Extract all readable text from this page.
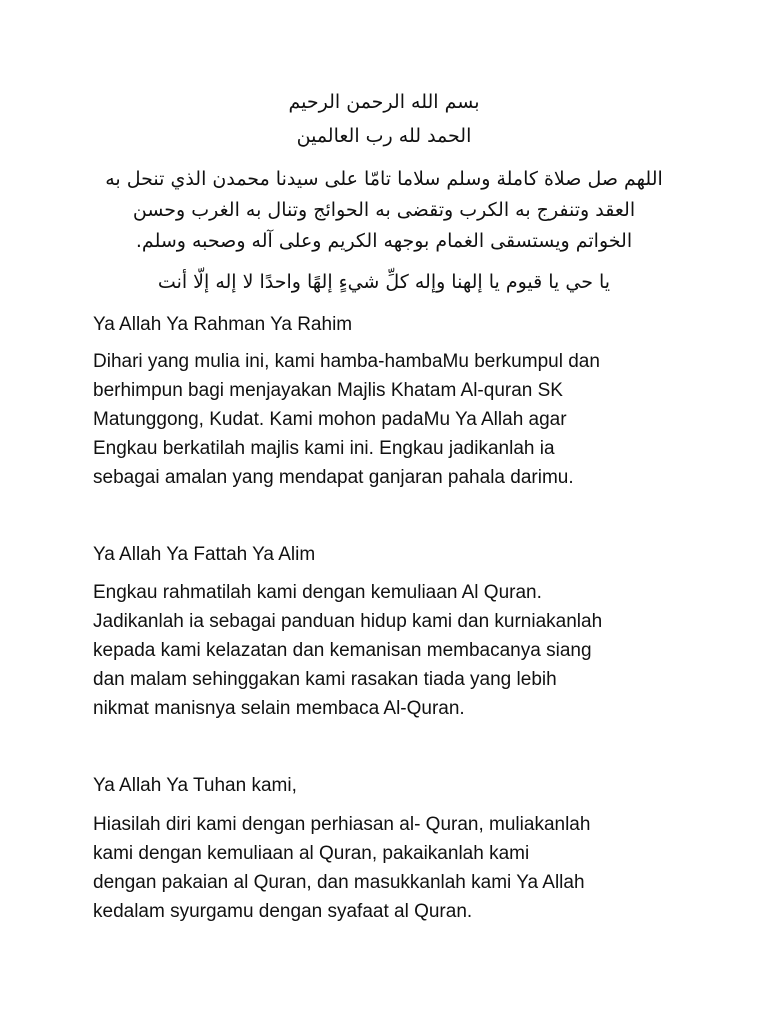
بسم الله الرحمن الرحيم
الحمد لله رب العالمين
اللهم صل صلاة كاملة وسلم سلاما تامّا على سيدنا محمدن الذي تنحل به
العقد وتنفرج به الكرب وتقضى به الحوائج وتنال به الغرب وحسن
الخواتم ويستسقى الغمام بوجهه الكريم وعلى آله وصحبه وسلم.
يا حي يا قيوم يا إلهنا وإله كلِّ شيءٍ إلهًا واحدًا لا إله إلّا أنت

Ya Allah Ya Rahman Ya Rahim

Dihari yang mulia ini, kami hamba-hambaMu berkumpul dan
berhimpun bagi menjayakan Majlis Khatam Al-quran SK
Matunggong, Kudat. Kami mohon padaMu Ya Allah agar
Engkau berkatilah majlis kami ini. Engkau jadikanlah ia
sebagai amalan yang mendapat ganjaran pahala darimu.

Ya Allah Ya Fattah Ya Alim

Engkau rahmatilah kami dengan kemuliaan Al Quran.
Jadikanlah ia sebagai panduan hidup kami dan kurniakanlah
kepada kami kelazatan dan kemanisan membacanya siang
dan malam sehinggakan kami rasakan tiada yang lebih
nikmat manisnya selain membaca Al-Quran.

Ya Allah Ya Tuhan kami,

Hiasilah diri kami dengan perhiasan al- Quran, muliakanlah
kami dengan kemuliaan al Quran, pakaikanlah kami
dengan pakaian al Quran, dan masukkanlah kami Ya Allah
kedalam syurgamu dengan syafaat al Quran.
